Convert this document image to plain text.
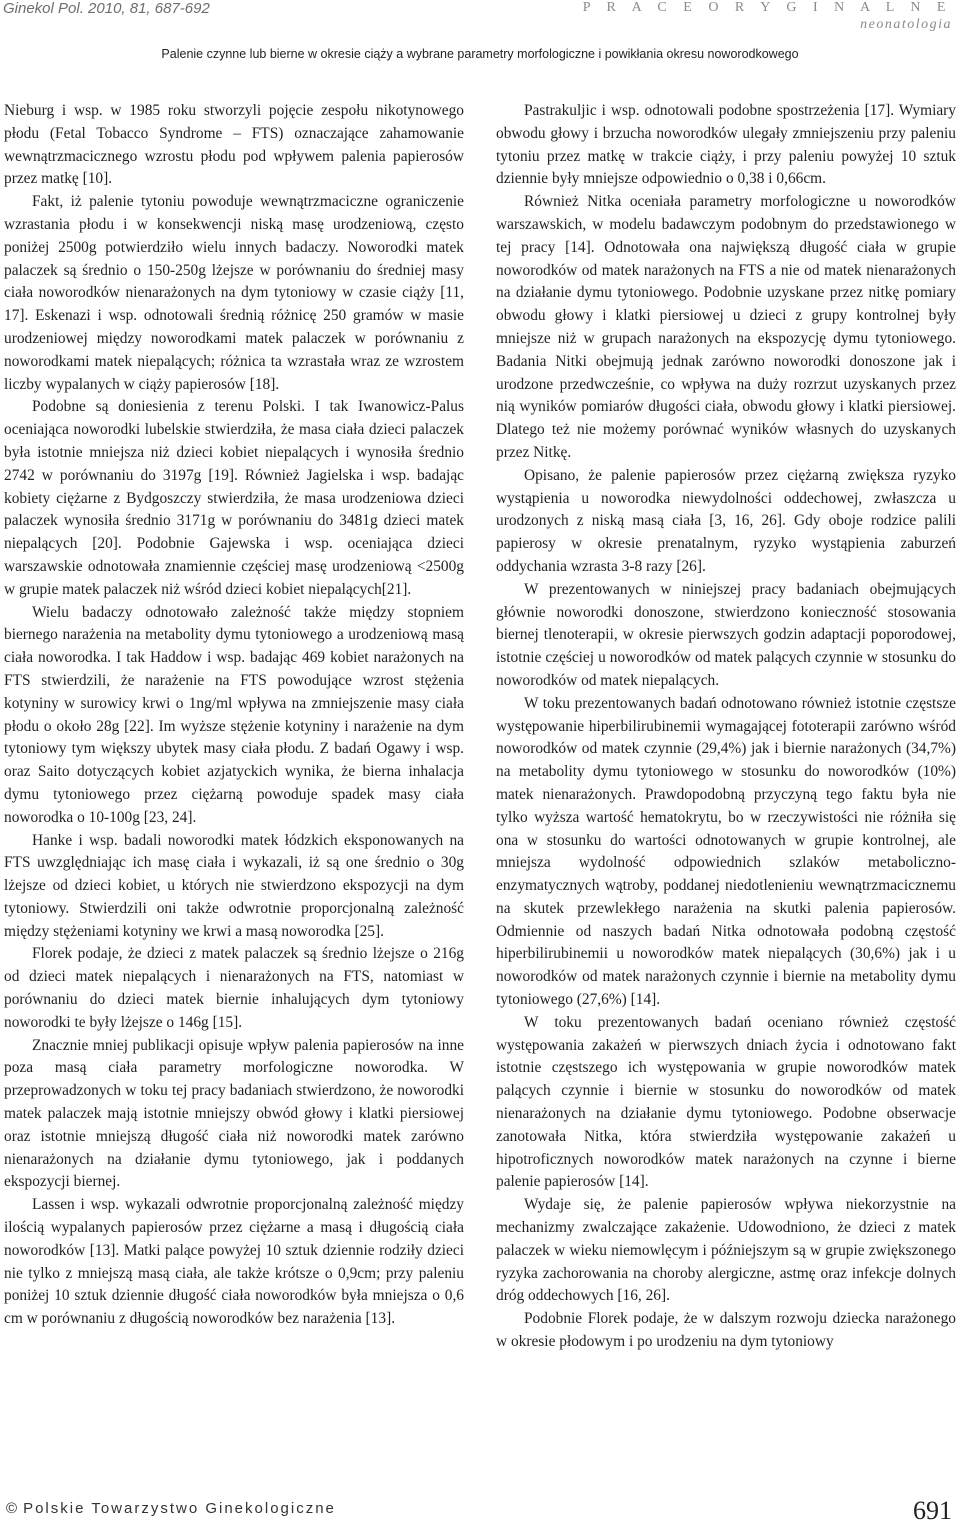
Ginekol Pol. 2010, 81, 687-692	P R A C E O R Y G I N A L N E
neonatologia
Palenie czynne lub bierne w okresie ciąży a wybrane parametry morfologiczne i powikłania okresu noworodkowego

Nieburg i wsp. w 1985 roku stworzyli pojęcie zespołu nikotynowego płodu (Fetal Tobacco Syndrome – FTS) oznaczające zahamowanie wewnątrzmacicznego wzrostu płodu pod wpływem palenia papierosów przez matkę [10].

Fakt, iż palenie tytoniu powoduje wewnątrzmaciczne ograniczenie wzrastania płodu i w konsekwencji niską masę urodzeniową, często poniżej 2500g potwierdziło wielu innych badaczy. Noworodki matek palaczek są średnio o 150-250g lżejsze w porównaniu do średniej masy ciała noworodków nienarażonych na dym tytoniowy w czasie ciąży [11, 17]. Eskenazi i wsp. odnotowali średnią różnicę 250 gramów w masie urodzeniowej między noworodkami matek palaczek w porównaniu z noworodkami matek niepalących; różnica ta wzrastała wraz ze wzrostem liczby wypalanych w ciąży papierosów [18].

Podobne są doniesienia z terenu Polski. I tak Iwanowicz-Palus oceniająca noworodki lubelskie stwierdziła, że masa ciała dzieci palaczek była istotnie mniejsza niż dzieci kobiet niepalących i wynosiła średnio 2742 w porównaniu do 3197g [19]. Również Jagielska i wsp. badając kobiety ciężarne z Bydgoszczy stwierdziła, że masa urodzeniowa dzieci palaczek wynosiła średnio 3171g w porównaniu do 3481g dzieci matek niepalących [20]. Podobnie Gajewska i wsp. oceniająca dzieci warszawskie odnotowała znamiennie częściej masę urodzeniową <2500g w grupie matek palaczek niż wśród dzieci kobiet niepalących[21].

Wielu badaczy odnotowało zależność także między stopniem biernego narażenia na metabolity dymu tytoniowego a urodzeniową masą ciała noworodka. I tak Haddow i wsp. badając 469 kobiet narażonych na FTS stwierdzili, że narażenie na FTS powodujące wzrost stężenia kotyniny w surowicy krwi o 1ng/ml wpływa na zmniejszenie masy ciała płodu o około 28g [22]. Im wyższe stężenie kotyniny i narażenie na dym tytoniowy tym większy ubytek masy ciała płodu. Z badań Ogawy i wsp. oraz Saito dotyczących kobiet azjatyckich wynika, że bierna inhalacja dymu tytoniowego przez ciężarną powoduje spadek masy ciała noworodka o 10-100g [23, 24].

Hanke i wsp. badali noworodki matek łódzkich eksponowanych na FTS uwzględniając ich masę ciała i wykazali, iż są one średnio o 30g lżejsze od dzieci kobiet, u których nie stwierdzono ekspozycji na dym tytoniowy. Stwierdzili oni także odwrotnie proporcjonalną zależność między stężeniami kotyniny we krwi a masą noworodka [25].

Florek podaje, że dzieci z matek palaczek są średnio lżejsze o 216g od dzieci matek niepalących i nienarażonych na FTS, natomiast w porównaniu do dzieci matek biernie inhalujących dym tytoniowy noworodki te były lżejsze o 146g [15].

Znacznie mniej publikacji opisuje wpływ palenia papierosów na inne poza masą ciała parametry morfologiczne noworodka. W przeprowadzonych w toku tej pracy badaniach stwierdzono, że noworodki matek palaczek mają istotnie mniejszy obwód głowy i klatki piersiowej oraz istotnie mniejszą długość ciała niż noworodki matek zarówno nienarażonych na działanie dymu tytoniowego, jak i poddanych ekspozycji biernej.

Lassen i wsp. wykazali odwrotnie proporcjonalną zależność między ilością wypalanych papierosów przez ciężarne a masą i długością ciała noworodków [13]. Matki palące powyżej 10 sztuk dziennie rodziły dzieci nie tylko z mniejszą masą ciała, ale także krótsze o 0,9cm; przy paleniu poniżej 10 sztuk dziennie długość ciała noworodków była mniejsza o 0,6 cm w porównaniu z długością noworodków bez narażenia [13].

Pastrakuljic i wsp. odnotowali podobne spostrzeżenia [17]. Wymiary obwodu głowy i brzucha noworodków ulegały zmniejszeniu przy paleniu tytoniu przez matkę w trakcie ciąży, i przy paleniu powyżej 10 sztuk dziennie były mniejsze odpowiednio o 0,38 i 0,66cm.

Również Nitka oceniała parametry morfologiczne u noworodków warszawskich, w modelu badawczym podobnym do przedstawionego w tej pracy [14]. Odnotowała ona największą długość ciała w grupie noworodków od matek narażonych na FTS a nie od matek nienarażonych na działanie dymu tytoniowego. Podobnie uzyskane przez nitkę pomiary obwodu głowy i klatki piersiowej u dzieci z grupy kontrolnej były mniejsze niż w grupach narażonych na ekspozycję dymu tytoniowego. Badania Nitki obejmują jednak zarówno noworodki donoszone jak i urodzone przedwcześnie, co wpływa na duży rozrzut uzyskanych przez nią wyników pomiarów długości ciała, obwodu głowy i klatki piersiowej. Dlatego też nie możemy porównać wyników własnych do uzyskanych przez Nitkę.

Opisano, że palenie papierosów przez ciężarną zwiększa ryzyko wystąpienia u noworodka niewydolności oddechowej, zwłaszcza u urodzonych z niską masą ciała [3, 16, 26]. Gdy oboje rodzice palili papierosy w okresie prenatalnym, ryzyko wystąpienia zaburzeń oddychania wzrasta 3-8 razy [26].

W prezentowanych w niniejszej pracy badaniach obejmujących głównie noworodki donoszone, stwierdzono konieczność stosowania biernej tlenoterapii, w okresie pierwszych godzin adaptacji poporodowej, istotnie częściej u noworodków od matek palących czynnie w stosunku do noworodków od matek niepalących.

W toku prezentowanych badań odnotowano również istotnie częstsze występowanie hiperbilirubinemii wymagającej fototerapii zarówno wśród noworodków od matek czynnie (29,4%) jak i biernie narażonych (34,7%) na metabolity dymu tytoniowego w stosunku do noworodków (10%) matek nienarażonych. Prawdopodobną przyczyną tego faktu była nie tylko wyższa wartość hematokrytu, bo w rzeczywistości nie różniła się ona w stosunku do wartości odnotowanych w grupie kontrolnej, ale mniejsza wydolność odpowiednich szlaków metaboliczno-enzymatycznych wątroby, poddanej niedotlenieniu wewnątrzmacicznemu na skutek przewlekłego narażenia na skutki palenia papierosów. Odmiennie od naszych badań Nitka odnotowała podobną częstość hiperbilirubinemii u noworodków matek niepalących (30,6%) jak i u noworodków od matek narażonych czynnie i biernie na metabolity dymu tytoniowego (27,6%) [14].

W toku prezentowanych badań oceniano również częstość występowania zakażeń w pierwszych dniach życia i odnotowano fakt istotnie częstszego ich występowania w grupie noworodków matek palących czynnie i biernie w stosunku do noworodków od matek nienarażonych na działanie dymu tytoniowego. Podobne obserwacje zanotowała Nitka, która stwierdziła występowanie zakażeń u hipotroficznych noworodków matek narażonych na czynne i bierne palenie papierosów [14].

Wydaje się, że palenie papierosów wpływa niekorzystnie na mechanizmy zwalczające zakażenie. Udowodniono, że dzieci z matek palaczek w wieku niemowlęcym i późniejszym są w grupie zwiększonego ryzyka zachorowania na choroby alergiczne, astmę oraz infekcje dolnych dróg oddechowych [16, 26].

Podobnie Florek podaje, że w dalszym rozwoju dziecka narażonego w okresie płodowym i po urodzeniu na dym tytoniowy

© Polskie Towarzystwo Ginekologiczne	691
